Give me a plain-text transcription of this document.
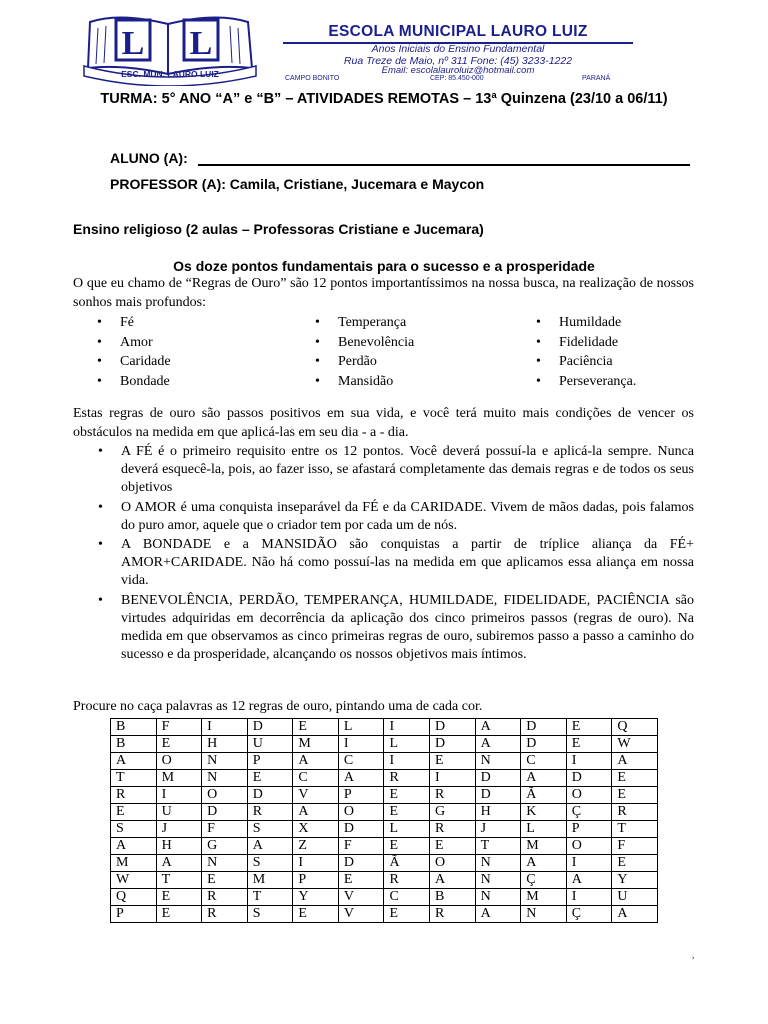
L L
ESC. MUN. LAURO LUIZ
ESCOLA MUNICIPAL LAURO LUIZ
Anos Iniciais do Ensino Fundamental
Rua Treze de Maio, nº 311 Fone: (45) 3233-1222
Email: escolalauroluiz@hotmail.com
CAMPO BONITO	CEP: 85.450-000	PARANÁ
TURMA: 5° ANO “A” e “B” – ATIVIDADES REMOTAS – 13ª Quinzena (23/10 a 06/11)
ALUNO (A):
PROFESSOR (A): Camila, Cristiane, Jucemara e Maycon
Ensino religioso (2 aulas – Professoras Cristiane e Jucemara)
Os doze pontos fundamentais para o sucesso e a prosperidade
O que eu chamo de “Regras de Ouro” são 12 pontos importantíssimos na nossa busca, na realização de nossos sonhos mais profundos:
• Fé
• Amor
• Caridade
• Bondade
• Temperança
• Benevolência
• Perdão
• Mansidão
• Humildade
• Fidelidade
• Paciência
• Perseverança.
Estas regras de ouro são passos positivos em sua vida, e você terá muito mais condições de vencer os obstáculos na medida em que aplicá-las em seu dia - a - dia.
• A FÉ é o primeiro requisito entre os 12 pontos. Você deverá possuí-la e aplicá-la sempre. Nunca deverá esquecê-la, pois, ao fazer isso, se afastará completamente das demais regras e de todos os seus objetivos
• O AMOR é uma conquista inseparável da FÉ e da CARIDADE. Vivem de mãos dadas, pois falamos do puro amor, aquele que o criador tem por cada um de nós.
• A BONDADE e a MANSIDÃO são conquistas a partir de tríplice aliança da FÉ+ AMOR+CARIDADE. Não há como possuí-las na medida em que aplicamos essa aliança em nossa vida.
• BENEVOLÊNCIA, PERDÃO, TEMPERANÇA, HUMILDADE, FIDELIDADE, PACIÊNCIA são virtudes adquiridas em decorrência da aplicação dos cinco primeiros passos (regras de ouro). Na medida em que observamos as cinco primeiras regras de ouro, subiremos passo a passo a caminho do sucesso e da prosperidade, alcançando os nossos objetivos mais íntimos.
Procure no caça palavras as 12 regras de ouro, pintando uma de cada cor.
B	F	I	D	E	L	I	D	A	D	E	Q
B	E	H	U	M	I	L	D	A	D	E	W
A	O	N	P	A	C	I	E	N	C	I	A
T	M	N	E	C	A	R	I	D	A	D	E
R	I	O	D	V	P	E	R	D	Ã	O	E
E	U	D	R	A	O	E	G	H	K	Ç	R
S	J	F	S	X	D	L	R	J	L	P	T
A	H	G	A	Z	F	E	E	T	M	O	F
M	A	N	S	I	D	Ã	O	N	A	I	E
W	T	E	M	P	E	R	A	N	Ç	A	Y
Q	E	R	T	Y	V	C	B	N	M	I	U
P	E	R	S	E	V	E	R	A	N	Ç	A
,
